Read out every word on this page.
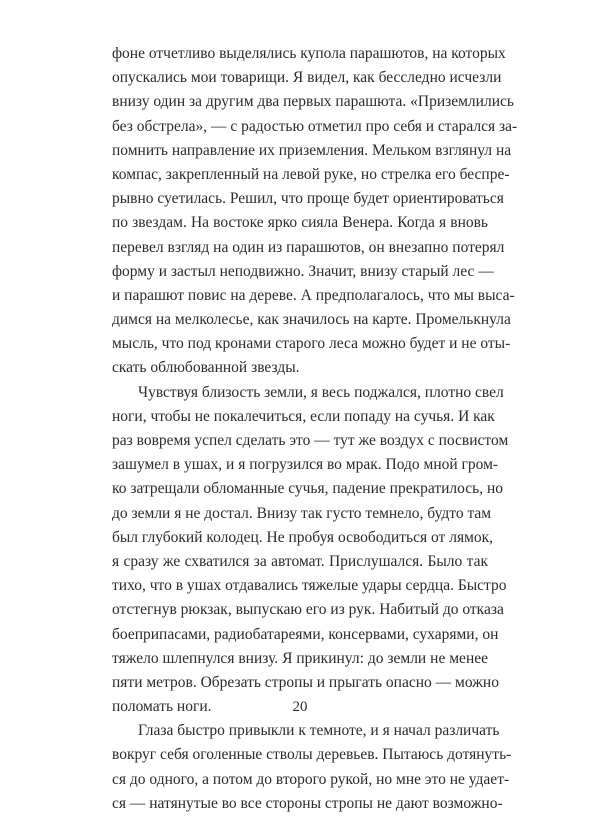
фоне отчетливо выделялись купола парашютов, на которых
опускались мои товарищи. Я видел, как бесследно исчезли
внизу один за другим два первых парашюта. «Приземлились
без обстрела», — с радостью отметил про себя и старался за-
помнить направление их приземления. Мельком взглянул на
компас, закрепленный на левой руке, но стрелка его беспре-
рывно суетилась. Решил, что проще будет ориентироваться
по звездам. На востоке ярко сияла Венера. Когда я вновь
перевел взгляд на один из парашютов, он внезапно потерял
форму и застыл неподвижно. Значит, внизу старый лес —
и парашют повис на дереве. А предполагалось, что мы выса-
димся на мелколесье, как значилось на карте. Промелькнула
мысль, что под кронами старого леса можно будет и не оты-
скать облюбованной звезды.
Чувствуя близость земли, я весь поджался, плотно свел
ноги, чтобы не покалечиться, если попаду на сучья. И как
раз вовремя успел сделать это — тут же воздух с посвистом
зашумел в ушах, и я погрузился во мрак. Подо мной гром-
ко затрещали обломанные сучья, падение прекратилось, но
до земли я не достал. Внизу так густо темнело, будто там
был глубокий колодец. Не пробуя освободиться от лямок,
я сразу же схватился за автомат. Прислушался. Было так
тихо, что в ушах отдавались тяжелые удары сердца. Быстро
отстегнув рюкзак, выпускаю его из рук. Набитый до отказа
боеприпасами, радиобатареями, консервами, сухарями, он
тяжело шлепнулся внизу. Я прикинул: до земли не менее
пяти метров. Обрезать стропы и прыгать опасно — можно
поломать ноги.
Глаза быстро привыкли к темноте, и я начал различать
вокруг себя оголенные стволы деревьев. Пытаюсь дотянуть-
ся до одного, а потом до второго рукой, но мне это не удает-
ся — натянутые во все стороны стропы не дают возможно-
20
